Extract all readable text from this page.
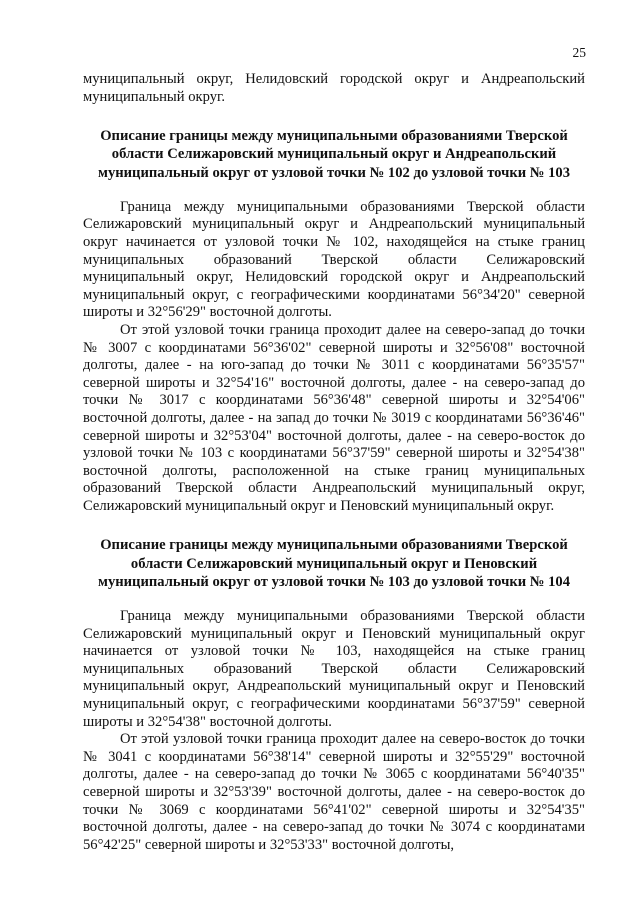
25

муниципальный округ, Нелидовский городской округ и Андреапольский муниципальный округ.

Описание границы между муниципальными образованиями Тверской области Селижаровский муниципальный округ и Андреапольский муниципальный округ от узловой точки № 102 до узловой точки № 103

Граница между муниципальными образованиями Тверской области Селижаровский муниципальный округ и Андреапольский муниципальный округ начинается от узловой точки № 102, находящейся на стыке границ муниципальных образований Тверской области Селижаровский муниципальный округ, Нелидовский городской округ и Андреапольский муниципальный округ, с географическими координатами 56°34'20" северной широты и 32°56'29" восточной долготы.

От этой узловой точки граница проходит далее на северо-запад до точки № 3007 с координатами 56°36'02" северной широты и 32°56'08" восточной долготы, далее - на юго-запад до точки № 3011 с координатами 56°35'57" северной широты и 32°54'16" восточной долготы, далее - на северо-запад до точки № 3017 с координатами 56°36'48" северной широты и 32°54'06" восточной долготы, далее - на запад до точки № 3019 с координатами 56°36'46" северной широты и 32°53'04" восточной долготы, далее - на северо-восток до узловой точки № 103 с координатами 56°37'59" северной широты и 32°54'38" восточной долготы, расположенной на стыке границ муниципальных образований Тверской области Андреапольский муниципальный округ, Селижаровский муниципальный округ и Пеновский муниципальный округ.

Описание границы между муниципальными образованиями Тверской области Селижаровский муниципальный округ и Пеновский муниципальный округ от узловой точки № 103 до узловой точки № 104

Граница между муниципальными образованиями Тверской области Селижаровский муниципальный округ и Пеновский муниципальный округ начинается от узловой точки № 103, находящейся на стыке границ муниципальных образований Тверской области Селижаровский муниципальный округ, Андреапольский муниципальный округ и Пеновский муниципальный округ, с географическими координатами 56°37'59" северной широты и 32°54'38" восточной долготы.

От этой узловой точки граница проходит далее на северо-восток до точки № 3041 с координатами 56°38'14" северной широты и 32°55'29" восточной долготы, далее - на северо-запад до точки № 3065 с координатами 56°40'35" северной широты и 32°53'39" восточной долготы, далее - на северо-восток до точки № 3069 с координатами 56°41'02" северной широты и 32°54'35" восточной долготы, далее - на северо-запад до точки № 3074 с координатами 56°42'25" северной широты и 32°53'33" восточной долготы,
